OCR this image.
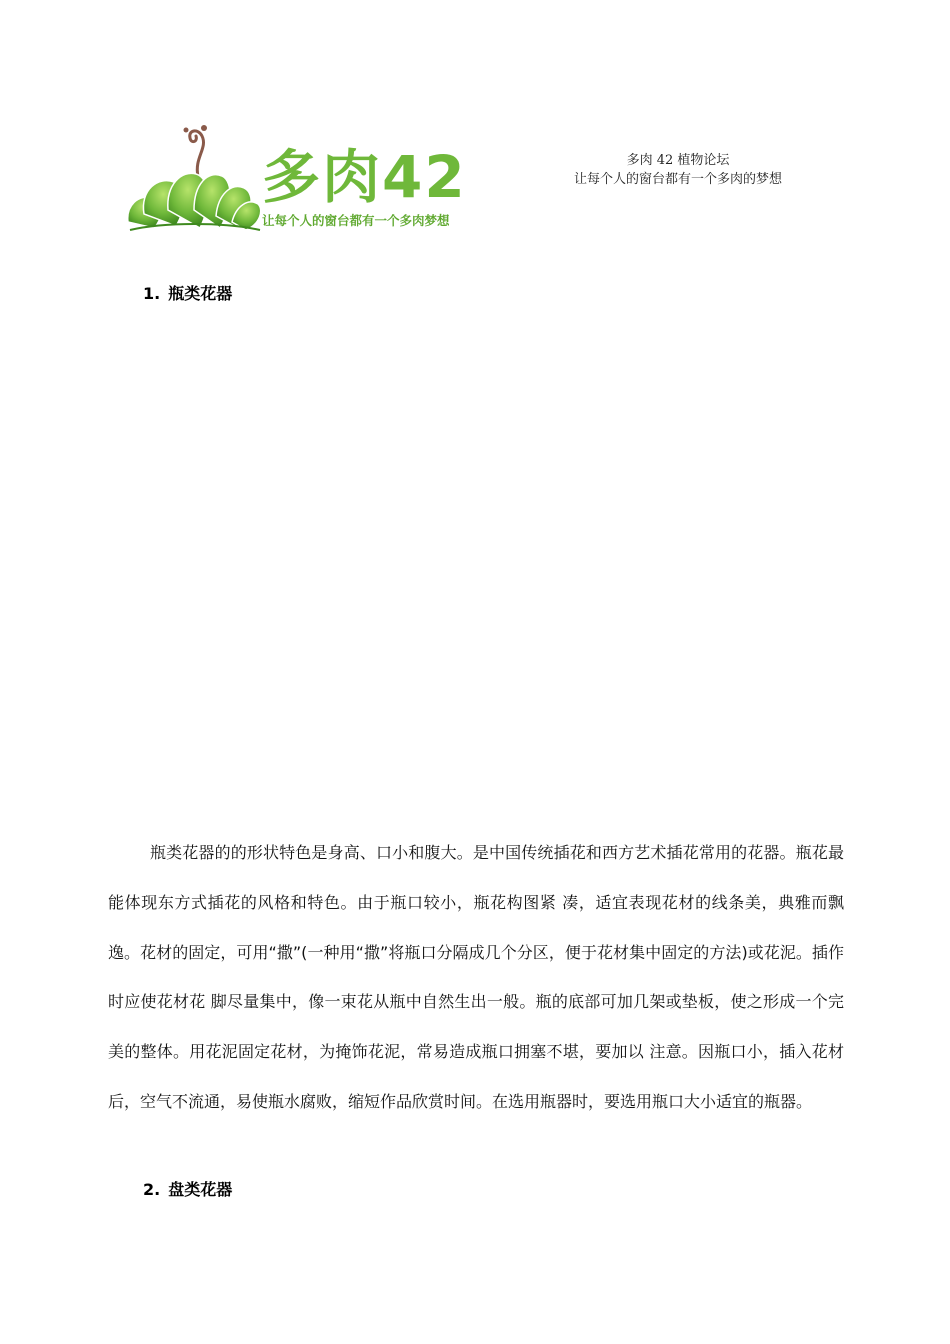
多肉42
让每个人的窗台都有一个多肉梦想
多肉 42 植物论坛
让每个人的窗台都有一个多肉的梦想
1. 瓶类花器

瓶类花器的的形状特色是身高、口小和腹大。是中国传统插花和西方艺术插花常用的花器。瓶花最能体现东方式插花的风格和特色。由于瓶口较小，瓶花构图紧 凑，适宜表现花材的线条美，典雅而飘逸。花材的固定，可用“撒”(一种用“撒”将瓶口分隔成几个分区，便于花材集中固定的方法)或花泥。插作时应使花材花 脚尽量集中，像一束花从瓶中自然生出一般。瓶的底部可加几架或垫板，使之形成一个完美的整体。用花泥固定花材，为掩饰花泥，常易造成瓶口拥塞不堪，要加以 注意。因瓶口小，插入花材后，空气不流通，易使瓶水腐败，缩短作品欣赏时间。在选用瓶器时，要选用瓶口大小适宜的瓶器。

2. 盘类花器
